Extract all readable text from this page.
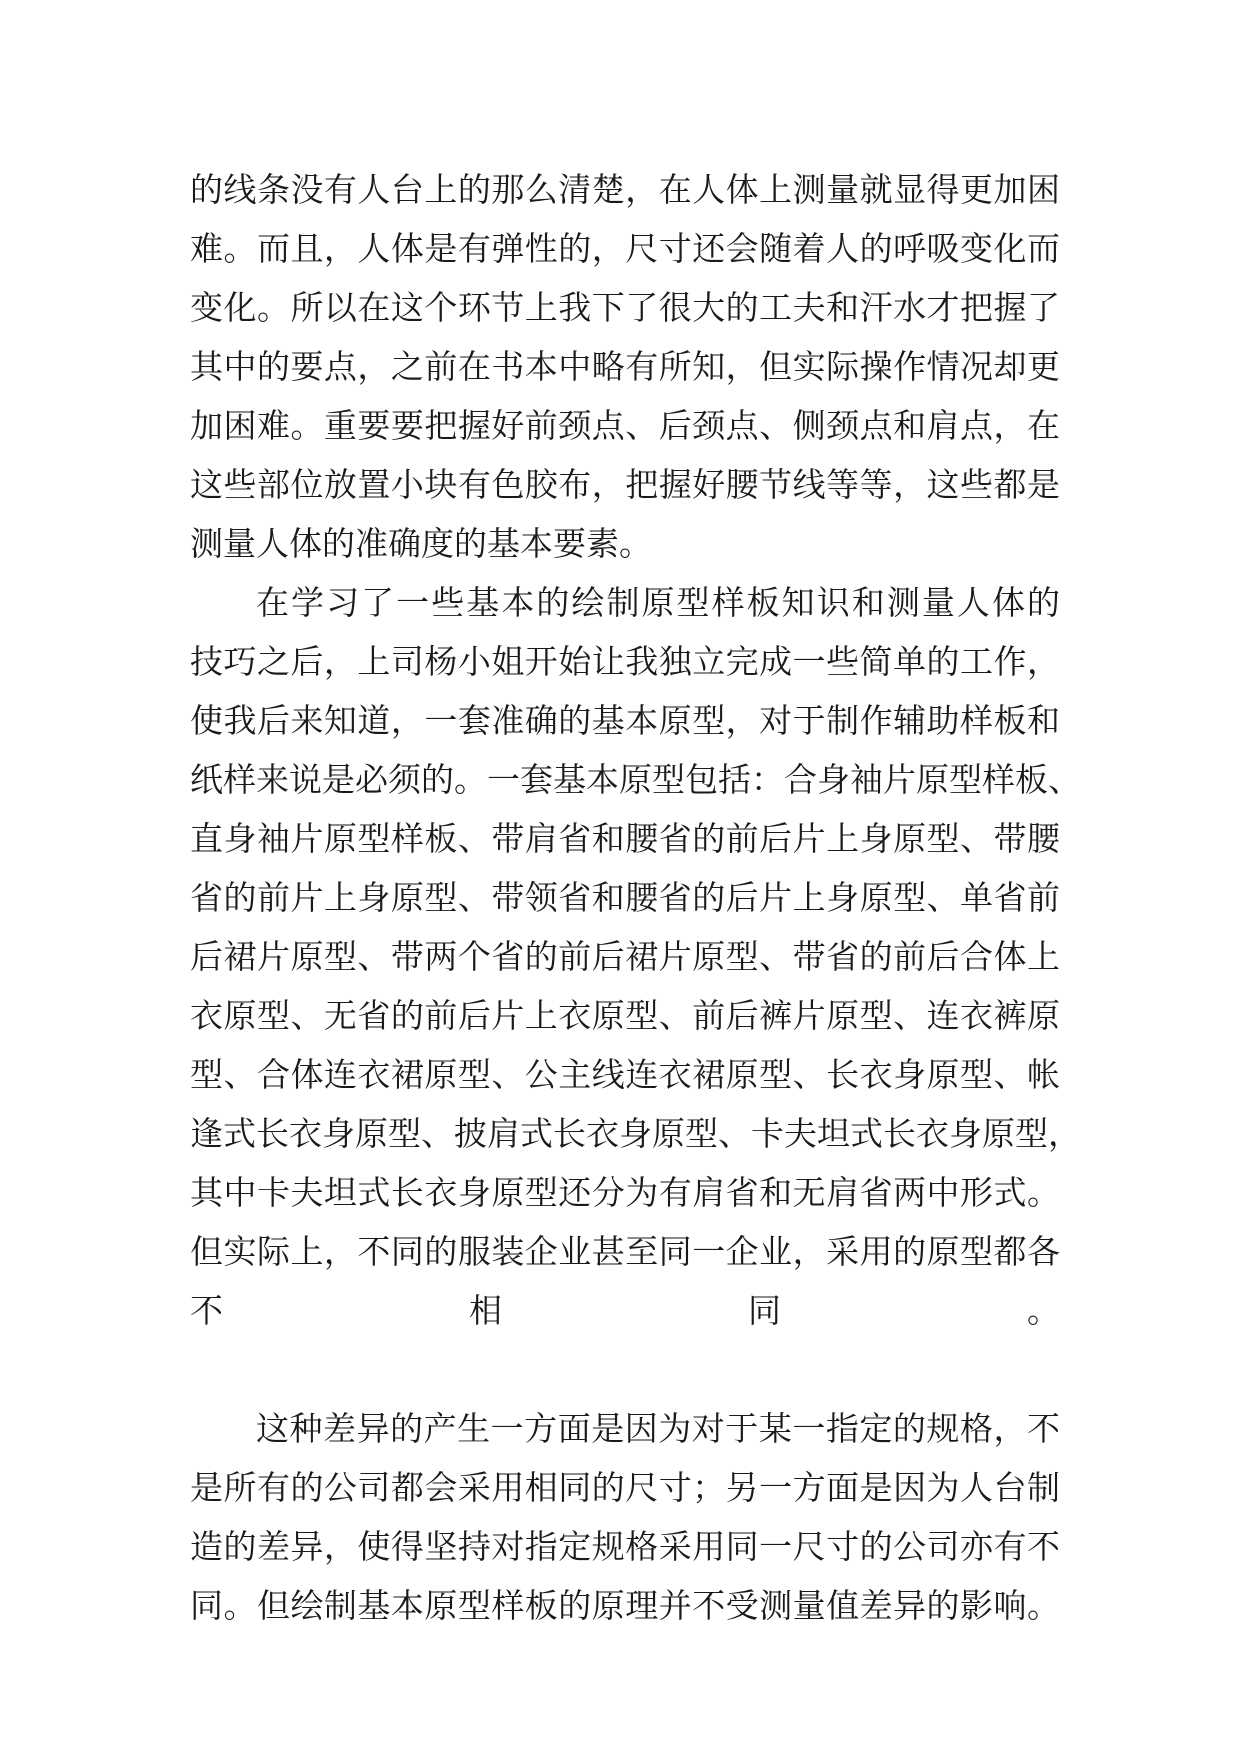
的线条没有人台上的那么清楚，在人体上测量就显得更加困
难。而且，人体是有弹性的，尺寸还会随着人的呼吸变化而
变化。所以在这个环节上我下了很大的工夫和汗水才把握了
其中的要点，之前在书本中略有所知，但实际操作情况却更
加困难。重要要把握好前颈点、后颈点、侧颈点和肩点，在
这些部位放置小块有色胶布，把握好腰节线等等，这些都是
测量人体的准确度的基本要素。
在学习了一些基本的绘制原型样板知识和测量人体的
技巧之后，上司杨小姐开始让我独立完成一些简单的工作，
使我后来知道，一套准确的基本原型，对于制作辅助样板和
纸样来说是必须的。一套基本原型包括：合身袖片原型样板、
直身袖片原型样板、带肩省和腰省的前后片上身原型、带腰
省的前片上身原型、带领省和腰省的后片上身原型、单省前
后裙片原型、带两个省的前后裙片原型、带省的前后合体上
衣原型、无省的前后片上衣原型、前后裤片原型、连衣裤原
型、合体连衣裙原型、公主线连衣裙原型、长衣身原型、帐
逢式长衣身原型、披肩式长衣身原型、卡夫坦式长衣身原型，
其中卡夫坦式长衣身原型还分为有肩省和无肩省两中形式。
但实际上，不同的服装企业甚至同一企业，采用的原型都各
不相同。
这种差异的产生一方面是因为对于某一指定的规格，不
是所有的公司都会采用相同的尺寸；另一方面是因为人台制
造的差异，使得坚持对指定规格采用同一尺寸的公司亦有不
同。但绘制基本原型样板的原理并不受测量值差异的影响。
